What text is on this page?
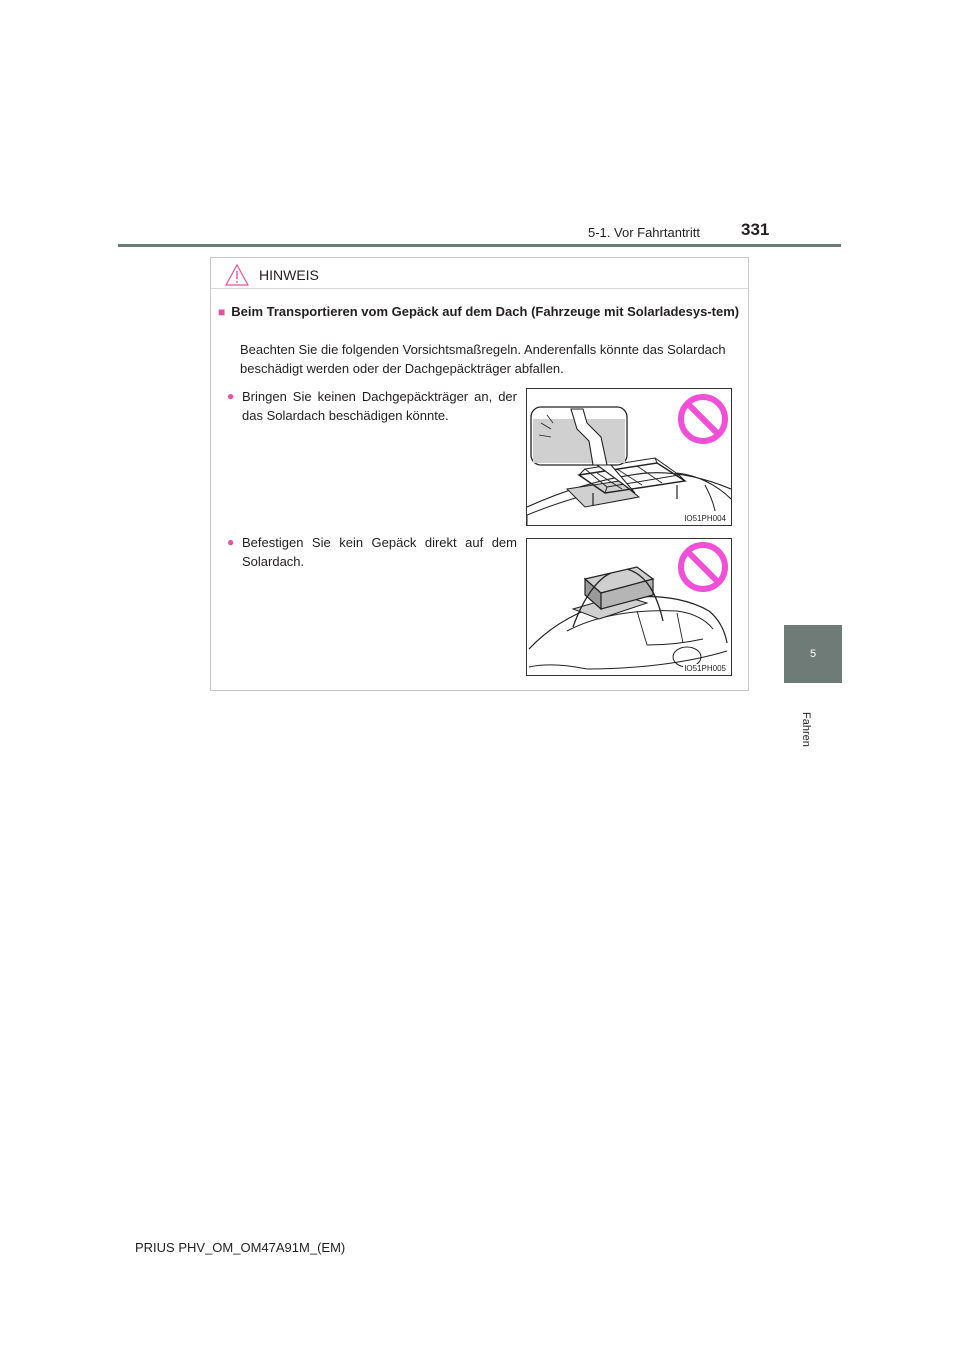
5-1. Vor Fahrtantritt 331
5
Fahren
HINWEIS
■ Beim Transportieren vom Gepäck auf dem Dach (Fahrzeuge mit Solarladesys-tem)
Beachten Sie die folgenden Vorsichtsmaßregeln. Anderenfalls könnte das Solardach beschädigt werden oder der Dachgepäckträger abfallen.
● Bringen Sie keinen Dachgepäckträger an, der das Solardach beschädigen könnte.
IO51PH004
● Befestigen Sie kein Gepäck direkt auf dem Solardach.
IO51PH005
PRIUS PHV_OM_OM47A91M_(EM)
